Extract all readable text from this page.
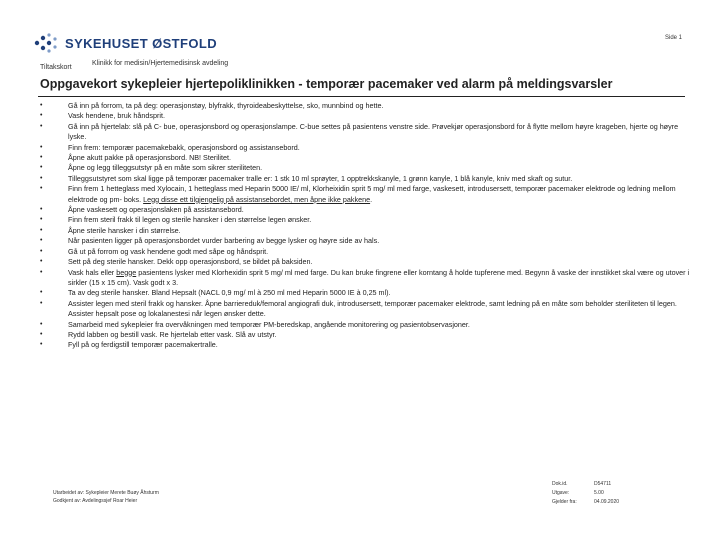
Side 1
SYKEHUSET ØSTFOLD
Tiltakskort
Klinikk for medisin/Hjertemedisinsk avdeling
Oppgavekort sykepleier hjertepoliklinikken - temporær pacemaker ved alarm på meldingsvarsler
• Gå inn på forrom, ta på deg: operasjonstøy, blyfrakk, thyroideabeskyttelse, sko, munnbind og hette.
• Vask hendene, bruk håndsprit.
• Gå inn på hjertelab: slå på C- bue, operasjonsbord og operasjonslampe. C-bue settes på pasientens venstre side. Prøvekjør operasjonsbord for å flytte mellom høyre krageben, hjerte og høyre lyske.
• Finn frem: temporær pacemakebakk, operasjonsbord og assistansebord.
• Åpne akutt pakke på operasjonsbord. NB! Sterilitet.
• Åpne og legg tilleggsutstyr på en måte som sikrer steriliteten.
• Tilleggsutstyret som skal ligge på temporær pacemaker tralle er: 1 stk 10 ml sprøyter, 1 opptrekkskanyle, 1 grønn kanyle, 1 blå kanyle, kniv med skaft og sutur.
• Finn frem 1 hetteglass med Xylocain, 1 hetteglass med Heparin 5000 IE/ ml, Klorheixidin sprit 5 mg/ ml med farge, vaskesett, introdusersett, temporær pacemaker elektrode og ledning mellom elektrode og pm- boks. Legg disse ett tilgjengelig på assistansebordet, men åpne ikke pakkene.
• Åpne vaskesett og operasjonslaken på assistansebord.
• Finn frem steril frakk til legen og sterile hansker i den størrelse legen ønsker.
• Åpne sterile hansker i din størrelse.
• Når pasienten ligger på operasjonsbordet vurder barbering av begge lysker og høyre side av hals.
• Gå ut på forrom og vask hendene godt med såpe og håndsprit.
• Sett på deg sterile hansker. Dekk opp operasjonsbord, se bildet på baksiden.
• Vask hals eller begge pasientens lysker med Klorhexidin sprit 5 mg/ ml med farge. Du kan bruke fingrene eller korntang å holde tupferene med. Begynn å vaske der innstikket skal være og utover i sirkler (15 x 15 cm). Vask godt x 3.
• Ta av deg sterile hansker. Bland Hepsalt (NACL 0,9 mg/ ml à 250 ml med Heparin 5000 IE à 0,25 ml).
• Assister legen med steril frakk og hansker. Åpne barriereduk/femoral angiografi duk, introdusersett, temporær pacemaker elektrode, samt ledning på en måte som beholder steriliteten til legen. Assister hepsalt pose og lokalanestesi når legen ønsker dette.
• Samarbeid med sykepleier fra overvåkningen med temporær PM-beredskap, angående monitorering og pasientobservasjoner.
• Rydd labben og bestill vask. Re hjertelab etter vask. Slå av utstyr.
• Fyll på og ferdigstill temporær pacemakertralle.
Utarbeidet av: Sykepleier Merete Buøy Åhsturm
Godkjent av: Avdelingssjef Roar Heier
Dok.id.	D54711
Utgave:	5.00
Gjelder fra:	04.09.2020
